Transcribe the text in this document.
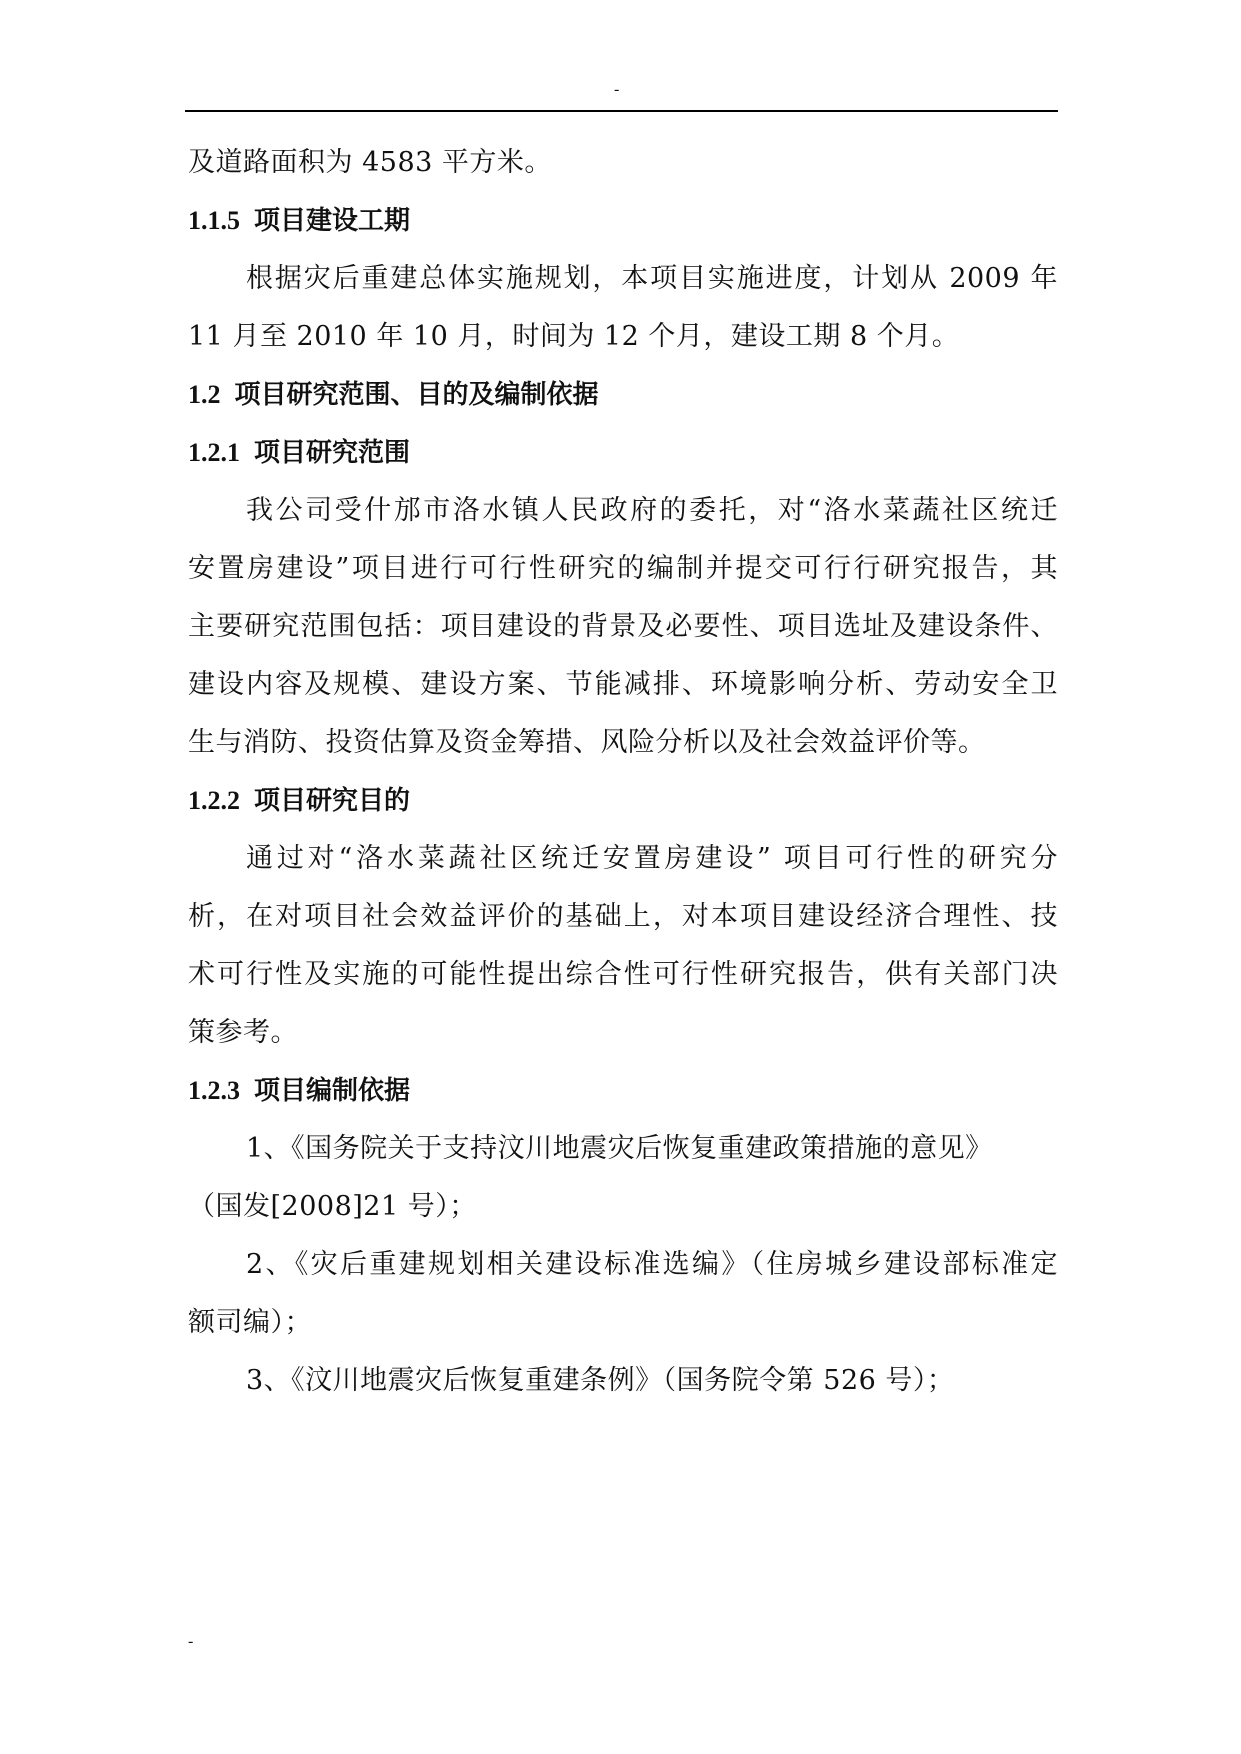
-
及道路面积为 4583 平方米。
1.1.5 项目建设工期
根据灾后重建总体实施规划，本项目实施进度，计划从 2009 年
11 月至 2010 年 10 月，时间为 12 个月，建设工期 8 个月。
1.2 项目研究范围、目的及编制依据
1.2.1 项目研究范围
我公司受什邡市洛水镇人民政府的委托，对“洛水菜蔬社区统迁
安置房建设”项目进行可行性研究的编制并提交可行行研究报告，其
主要研究范围包括：项目建设的背景及必要性、项目选址及建设条件、
建设内容及规模、建设方案、节能减排、环境影响分析、劳动安全卫
生与消防、投资估算及资金筹措、风险分析以及社会效益评价等。
1.2.2 项目研究目的
通过对“洛水菜蔬社区统迁安置房建设” 项目可行性的研究分
析，在对项目社会效益评价的基础上，对本项目建设经济合理性、技
术可行性及实施的可能性提出综合性可行性研究报告，供有关部门决
策参考。
1.2.3 项目编制依据
1、《国务院关于支持汶川地震灾后恢复重建政策措施的意见》
（国发[2008]21 号）；
2、《灾后重建规划相关建设标准选编》（住房城乡建设部标准定
额司编）；
3、《汶川地震灾后恢复重建条例》（国务院令第 526 号）；
-
